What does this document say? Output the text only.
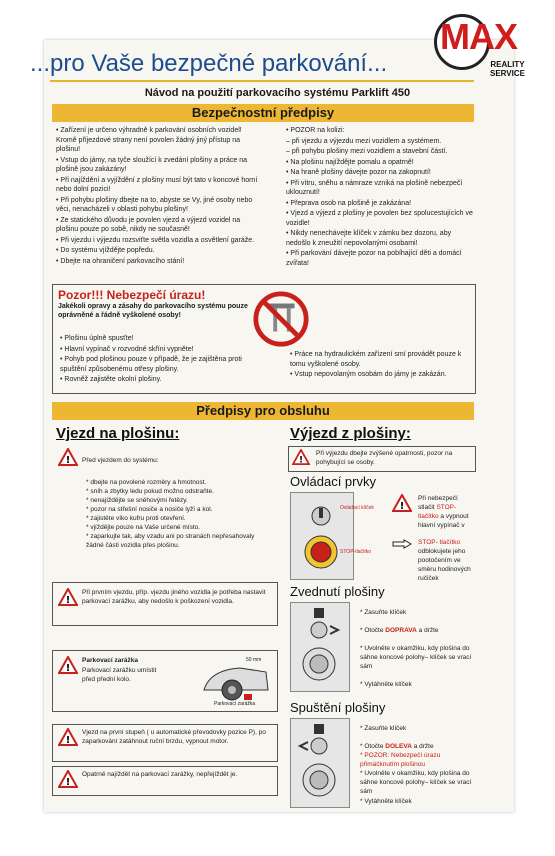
MAX
REALITY
SERVICE
...pro Vaše bezpečné parkování...
Návod na použití parkovacího systému Parklift 450
Bezpečnostní předpisy
• Zařízení je určeno výhradně k parkování osobních vozidel! Kromě příjezdové strany není povolen žádný jiný přístup na plošinu!
• Vstup do jámy, na tyče sloužící k zvedání plošiny a práce na plošině jsou zakázány!
• Při najíždění a vyjíždění z plošiny musí být tato v koncové horní nebo dolní pozici!
• Při pohybu plošiny dbejte na to, abyste se Vy, jiné osoby nebo věci, nenacházeli v oblasti pohybu plošiny!
• Ze statického důvodu je povolen vjezd a výjezd vozidel na plošinu pouze po sobě, nikdy ne současně!
• Při vjezdu i výjezdu rozsviťte světla vozidla a osvětlení garáže.
• Do systému vjíždějte popředu.
• Dbejte na ohraničení parkovacího stání!
• POZOR na kolizi:
– při vjezdu a výjezdu mezi vozidlem a systémem.
– při pohybu plošiny mezi vozidlem a stavební částí.
• Na plošinu najíždějte pomalu a opatrně!
• Na hraně plošiny dávejte pozor na zakopnutí!
• Při vítru, sněhu a námraze vzniká na plošině nebezpečí uklouznutí!
• Přeprava osob na plošině je zakázána!
• Vjezd a výjezd z plošiny je povolen bez spolucestujících ve vozidle!
• Nikdy nenechávejte klíček v zámku bez dozoru, aby nedošlo k zneužití nepovolanými osobami!
• Při parkování dávejte pozor na pobíhající děti a domácí zvířata!
Pozor!!! Nebezpečí úrazu!
Jakékoli opravy a zásahy do parkovacího systému pouze oprávněné a řádně vyškolené osoby!
• Plošinu úplně spusťte!
• Hlavní vypínač v rozvodné skříni vypněte!
• Pohyb pod plošinou pouze v případě, že je zajištěna proti spuštění způsobenému otřesy plošiny.
• Rovněž zajistěte okolní plošiny.
• Práce na hydraulickém zařízení smí provádět pouze k tomu vyškolené osoby.
• Vstup nepovolaným osobám do jámy je zakázán.
Předpisy pro obsluhu
Vjezd na plošinu:
! Před vjezdem do systému:
* dbejte na povolené rozměry a hmotnost.
* sníh a zbytky ledu pokud možno odstraňte.
* nenajíždějte se sněhovými řetězy.
* pozor na střešní nosiče a nosiče lyží a kol.
* zajistěte víko kufru proti otevření.
* vjíždějte pouze na Vaše určené místo.
* zaparkujte tak, aby vzadu ani po stranách nepřesahovaly žádné části vozidla přes plošinu.
!
Při prvním vjezdu, příp. vjezdu jiného vozidla je potřeba nastavit parkovací zarážku, aby nedošlo k poškození vozidla.
!
Parkovací zarážka
Parkovací zarážku umístit před přední kolo.
50 mm
Parkovací zarážka
!
Vjezd na první stupeň ( u automatické převodovky pozice P), po zaparkování zatáhnout ruční brzdu, vypnout motor.
!
Opatrně najíždět na parkovací zarážky, nepřejíždět je.
Výjezd z plošiny:
!
Při výjezdu dbejte zvýšené opatrnosti, pozor na pohybující se osoby.
Ovládací prvky
Ovládací klíček
STOP-tlačítko
!
Při nebezpečí stlačit STOP-tlačítko a vypnout hlavní vypínač v
STOP- tlačítko odblokujete jeho pootočením ve směru hodinových ručiček
Zvednutí plošiny
* Zasuňte klíček
* Otočte DOPRAVA a držte
* Uvolněte v okamžiku, kdy plošina do sáhne koncové polohy– klíček se vrací sám
* Vytáhněte klíček
Spuštění plošiny
* Zasuňte klíček
* Otočte DOLEVA a držte
* POZOR: Nebezpečí úrazu přimáčknutím plošinou
* Uvolněte v okamžiku, kdy plošina do sáhne koncové polohy– klíček se vrací sám
* Vytáhněte klíček
